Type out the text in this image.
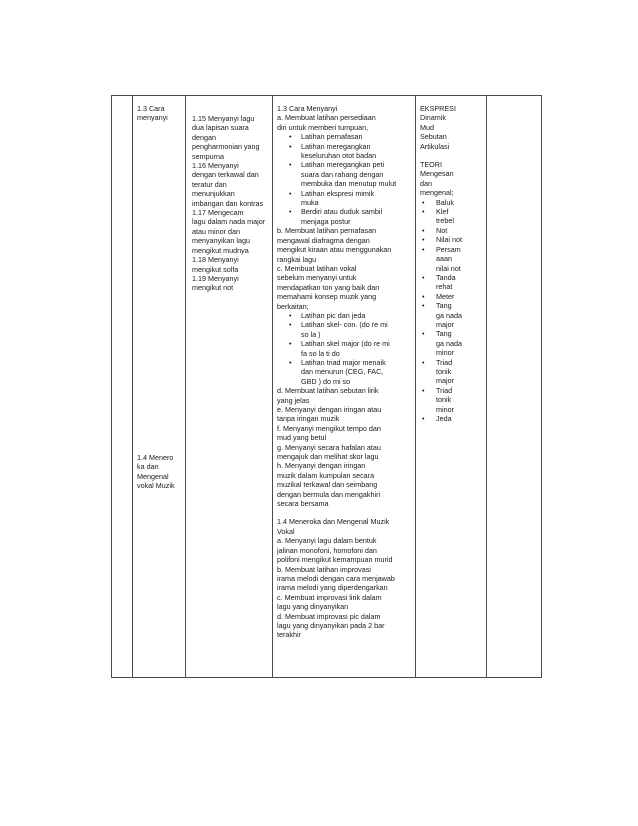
1.3 Cara
menyanyi
1.4 Menero
ka dan
Mengenal
vokal Muzik

1.15 Menyanyi lagu
dua lapisan suara
dengan
pengharmonian yang
sempurna
1.16 Menyanyi
dengan terkawal dan
teratur dan
menunjukkan
imbangan dan kontras
1.17 Mengecam
lagu dalam nada major
atau minor dan
menyanyikan lagu
mengikut mudnya
1.18 Menyanyi
mengikut solfa
1.19 Menyanyi
mengikut not

1.3 Cara Menyanyi
a. Membuat latihan persediaan
diri untuk memberi tumpuan,
• Latihan pernafasan
• Latihan meregangkan
keseluruhan otot badan
• Latihan meregangkan peti
suara dan rahang dengan
membuka dan menutup mulut
• Latihan ekspresi mimik
muka
• Berdiri atau duduk sambil
menjaga postur
b. Membuat latihan pernafasan
mengawal diafragma dengan
mengikut kiraan atau menggunakan
rangkai lagu
c. Membuat latihan vokal
sebelum menyanyi untuk
mendapatkan ton yang baik dan
memahami konsep muzik yang
berkaitan;
• Latihan pic dan jeda
• Latihan skel- con. (do re mi
so la )
• Latihan skel major (do re mi
fa so la ti do
• Latihan triad major menaik
dan menurun (CEG, FAC,
GBD ) do mi so
d. Membuat latihan sebutan lirik
yang jelas
e. Menyanyi dengan iringan atau
tanpa iringan muzik
f. Menyanyi mengikut tempo dan
mud yang betul
g. Menyanyi secara hafalan atau
mengajuk dan melihat skor lagu
h. Menyanyi dengan iringan
muzik dalam kumpulan secara
muzikal terkawal dan seimbang
dengan bermula dan mengakhiri
secara bersama
1.4 Meneroka dan Mengenal Muzik
Vokal
a. Menyanyi lagu dalam bentuk
jalinan monofoni, homofoni dan
polifoni mengikut kemampuan murid
b. Membuat latihan improvasi
irama melodi dengan cara menjawab
irama melodi yang diperdengarkan
c. Membuat improvasi lirik dalam
lagu yang dinyanyikan
d. Membuat improvasi pic dalam
lagu yang dinyanyikan pada 2 bar
terakhir

EKSPRESI
Dinamik
Mud
Sebutan
Artikulasi
TEORI
Mengesan
dan
mengenal;
• Baluk
• Klef
trebel
• Not
• Nilai not
• Persam
aaan
nilai not
• Tanda
rehat
• Meter
• Tang
ga nada
major
• Tang
ga nada
minor
• Triad
tonik
major
• Triad
tonik
minor
• Jeda
